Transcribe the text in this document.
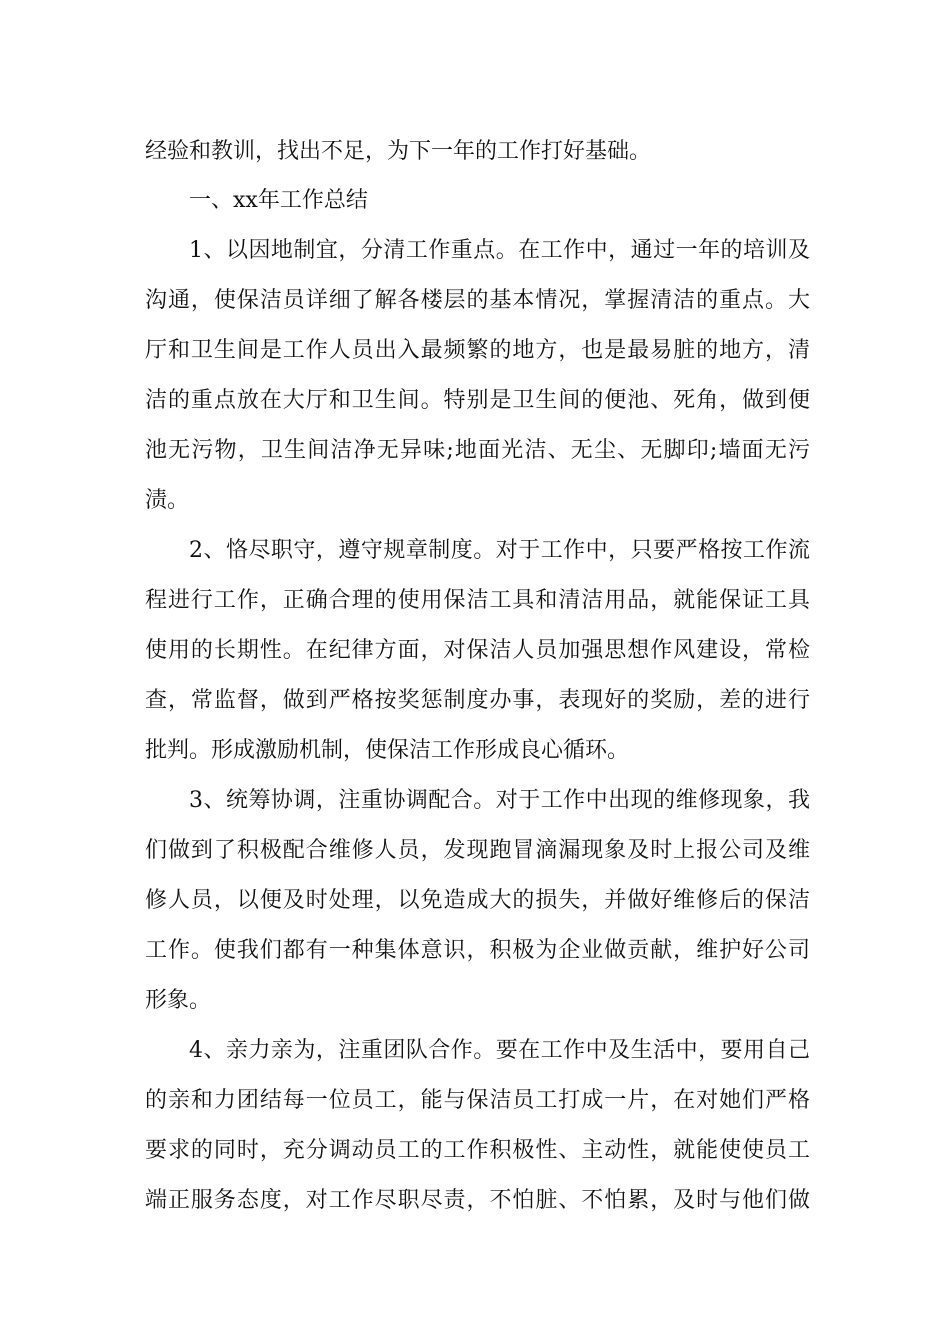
经验和教训，找出不足，为下一年的工作打好基础。
一、xx年工作总结
1、以因地制宜，分清工作重点。在工作中，通过一年的培训及
沟通，使保洁员详细了解各楼层的基本情况，掌握清洁的重点。大
厅和卫生间是工作人员出入最频繁的地方，也是最易脏的地方，清
洁的重点放在大厅和卫生间。特别是卫生间的便池、死角，做到便
池无污物，卫生间洁净无异味;地面光洁、无尘、无脚印;墙面无污
渍。
2、恪尽职守，遵守规章制度。对于工作中，只要严格按工作流
程进行工作，正确合理的使用保洁工具和清洁用品，就能保证工具
使用的长期性。在纪律方面，对保洁人员加强思想作风建设，常检
查，常监督，做到严格按奖惩制度办事，表现好的奖励，差的进行
批判。形成激励机制，使保洁工作形成良心循环。
3、统筹协调，注重协调配合。对于工作中出现的维修现象，我
们做到了积极配合维修人员，发现跑冒滴漏现象及时上报公司及维
修人员，以便及时处理，以免造成大的损失，并做好维修后的保洁
工作。使我们都有一种集体意识，积极为企业做贡献，维护好公司
形象。
4、亲力亲为，注重团队合作。要在工作中及生活中，要用自己
的亲和力团结每一位员工，能与保洁员工打成一片，在对她们严格
要求的同时，充分调动员工的工作积极性、主动性，就能使使员工
端正服务态度，对工作尽职尽责，不怕脏、不怕累，及时与他们做
